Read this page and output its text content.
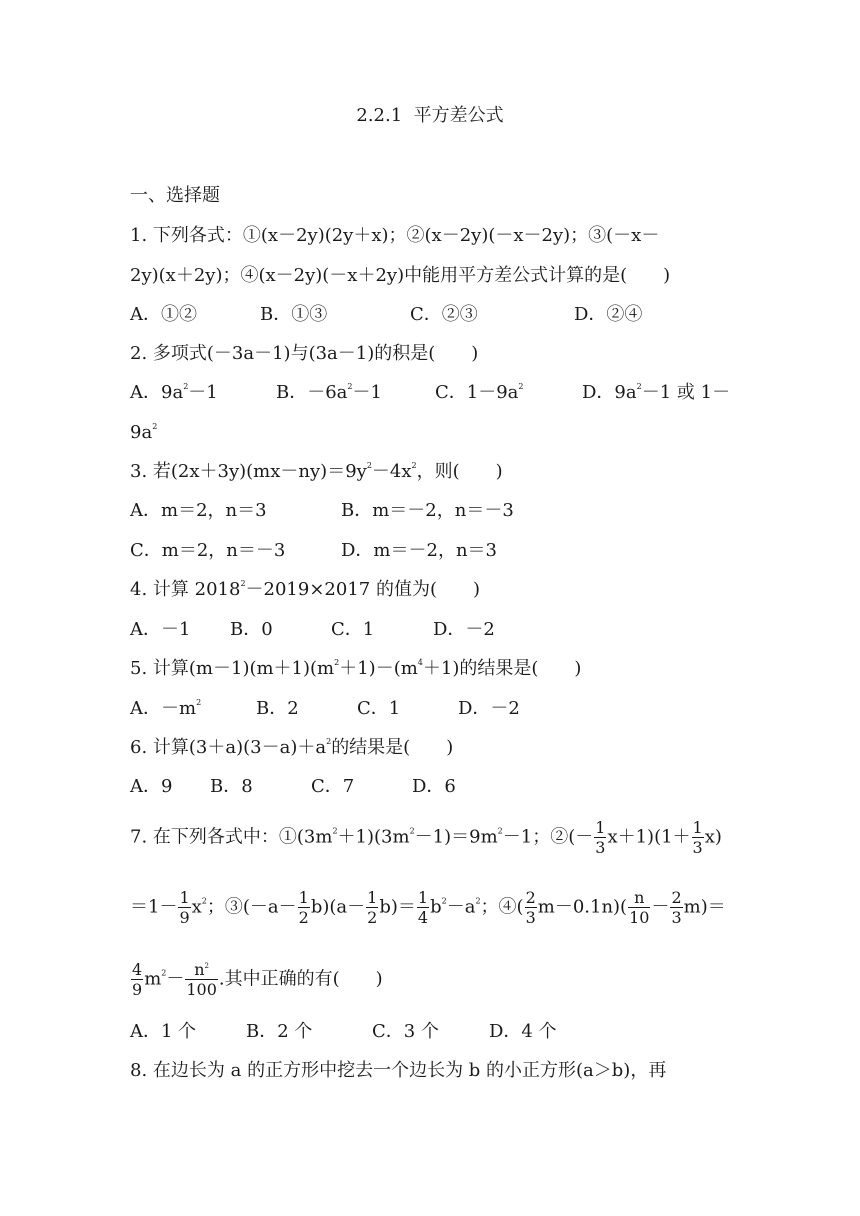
2.2.1  平方差公式
一、选择题
1. 下列各式：①(x－2y)(2y＋x)；②(x－2y)(－x－2y)；③(－x－
2y)(x＋2y)；④(x－2y)(－x＋2y)中能用平方差公式计算的是(　　)
A．①②	B．①③	C．②③	D．②④
2. 多项式(－3a－1)与(3a－1)的积是(　　)
A．$9a^2-1$	B．$-6a^2-1$	C．$1-9a^2$	D．$9a^2-1$ 或 1－
$9a^2$
3. 若$(2x+3y)(mx-ny)=9y^2-4x^2$，则(　　)
A．m＝2，n＝3	B．m＝－2，n＝－3
C．m＝2，n＝－3	D．m＝－2，n＝3
4. 计算 $2018^2-2019\times 2017$ 的值为(　　)
A．－1 B．0	C．1	D．－2
5. 计算$(m-1)(m+1)(m^2+1)-(m^4+1)$的结果是(　　)
A．$-m^2$	B．2	C．1	D．－2
6. 计算$(3+a)(3-a)+a^2$的结果是(　　)
A．9 B．8	C．7	D．6
7. 在下列各式中：$①(3m^2+1)(3m^2-1)=9m^2-1$；②(－ $\frac{1}{3} x+1)(1+ \frac{1}{3} x)$
$=1- \frac{1}{9} x^2$；③(－a－ $\frac{1}{2} b)(a- \frac{1}{2} b)= \frac{1}{4} b^2-a^2$；④( $\frac{2}{3} m-0.1n)( \frac{n}{10} - \frac{2}{3} m)=$
$\frac{4}{9} m^2- \frac{n^2}{100}$ .其中正确的有(　　)
A．1 个	B．2 个	C．3 个	D．4 个
8. 在边长为 a 的正方形中挖去一个边长为 b 的小正方形(a＞b)，再
